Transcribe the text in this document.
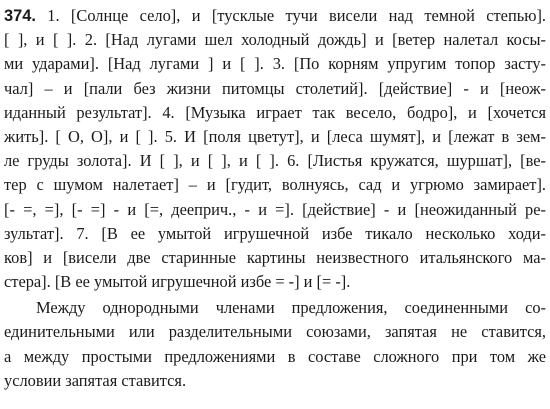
374. 1. [Солнце село], и [тусклые тучи висели над темной степью].
[ ], и [ ]. 2. [Над лугами шел холодный дождь] и [ветер налетал косы-
ми ударами]. [Над лугами ] и [ ]. 3. [По корням упругим топор засту-
чал] – и [пали без жизни питомцы столетий]. [действие] - и [неож-
иданный результат]. 4. [Музыка играет так весело, бодро], и [хочется
жить]. [ О, О], и [ ]. 5. И [поля цветут], и [леса шумят], и [лежат в зем-
ле груды золота]. И [ ], и [ ], и [ ]. 6. [Листья кружатся, шуршат], [ве-
тер с шумом налетает] – и [гудит, волнуясь, сад и угрюмо замирает].
[- =, =], [- =] - и [=, дееприч., - и =]. [действие] - и [неожиданный ре-
зультат]. 7. [В ее умытой игрушечной избе тикало несколько ходи-
ков] и [висели две старинные картины неизвестного итальянского ма-
стера]. [В ее умытой игрушечной избе = -] и [= -].
Между однородными членами предложения, соединенными со-
единительными или разделительными союзами, запятая не ставится,
а между простыми предложениями в составе сложного при том же
условии запятая ставится.
